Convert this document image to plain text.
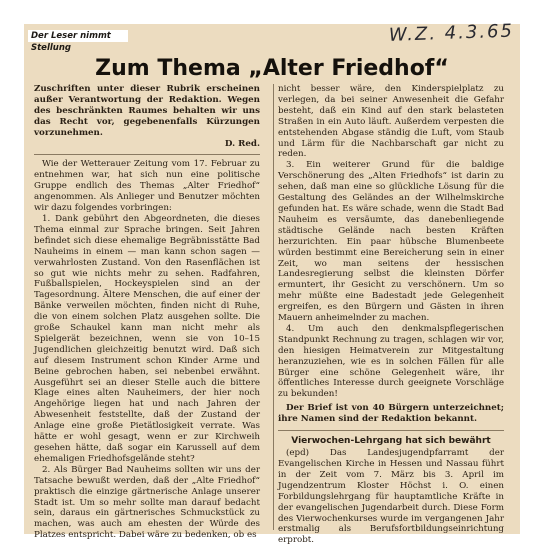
Der Leser nimmt Stellung
W.Z. 4.3.65
Zum Thema „Alter Friedhof“

Zuschriften unter dieser Rubrik erscheinen außer Verantwortung der Redaktion. Wegen des beschränkten Raumes behalten wir uns das Recht vor, gegebenenfalls Kürzungen vorzunehmen.
D. Red.

Wie der Wetterauer Zeitung vom 17. Februar zu entnehmen war, hat sich nun eine politische Gruppe endlich des Themas „Alter Friedhof“ angenommen. Als Anlieger und Benutzer möchten wir dazu folgendes vorbringen:

1. Dank gebührt den Abgeordneten, die dieses Thema einmal zur Sprache bringen. Seit Jahren befindet sich diese ehemalige Begräbnisstätte Bad Nauheims in einem — man kann schon sagen — verwahrlosten Zustand. Von den Rasenflächen ist so gut wie nichts mehr zu sehen. Radfahren, Fußballspielen, Hockeyspielen sind an der Tagesordnung. Ältere Menschen, die auf einer der Bänke verweilen möchten, finden nicht di Ruhe, die von einem solchen Platz ausgehen sollte. Die große Schaukel kann man nicht mehr als Spielgerät bezeichnen, wenn sie von 10–15 Jugendlichen gleichzeitig benutzt wird. Daß sich auf diesem Instrument schon Kinder Arme und Beine gebrochen haben, sei nebenbei erwähnt. Ausgeführt sei an dieser Stelle auch die bittere Klage eines alten Nauheimers, der hier noch Angehörige liegen hat und nach Jahren der Abwesenheit feststellte, daß der Zustand der Anlage eine große Pietätlosigkeit verrate. Was hätte er wohl gesagt, wenn er zur Kirchweih gesehen hätte, daß sogar ein Karussell auf dem ehemaligen Friedhofsgelände steht?

2. Als Bürger Bad Nauheims sollten wir uns der Tatsache bewußt werden, daß der „Alte Friedhof“ praktisch die einzige gärtnerische Anlage unserer Stadt ist. Um so mehr sollte man darauf bedacht sein, daraus ein gärtnerisches Schmuckstück zu machen, was auch am ehesten der Würde des Platzes entspricht. Dabei wäre zu bedenken, ob es

nicht besser wäre, den Kinderspielplatz zu verlegen, da bei seiner Anwesenheit die Gefahr besteht, daß ein Kind auf den stark belasteten Straßen in ein Auto läuft. Außerdem verpesten die entstehenden Abgase ständig die Luft, vom Staub und Lärm für die Nachbarschaft gar nicht zu reden.

3. Ein weiterer Grund für die baldige Verschönerung des „Alten Friedhofs“ ist darin zu sehen, daß man eine so glückliche Lösung für die Gestaltung des Geländes an der Wilhelmskirche gefunden hat. Es wäre schade, wenn die Stadt Bad Nauheim es versäumte, das danebenliegende städtische Gelände nach besten Kräften herzurichten. Ein paar hübsche Blumenbeete würden bestimmt eine Bereicherung sein in einer Zeit, wo man seitens der hessischen Landesregierung selbst die kleinsten Dörfer ermuntert, ihr Gesicht zu verschönern. Um so mehr müßte eine Badestadt jede Gelegenheit ergreifen, es den Bürgern und Gästen in ihren Mauern anheimelnder zu machen.

4. Um auch den denkmalspflegerischen Standpunkt Rechnung zu tragen, schlagen wir vor, den hiesigen Heimatverein zur Mitgestaltung heranzuziehen, wie es in solchen Fällen für alle Bürger eine schöne Gelegenheit wäre, ihr öffentliches Interesse durch geeignete Vorschläge zu bekunden!

Der Brief ist von 40 Bürgern unterzeichnet; ihre Namen sind der Redaktion bekannt.

Vierwochen-Lehrgang hat sich bewährt

(epd) Das Landesjugendpfarramt der Evangelischen Kirche in Hessen und Nassau führt in der Zeit vom 7. März bis 3. April im Jugendzentrum Kloster Höchst i. O. einen Forbildungslehrgang für hauptamtliche Kräfte in der evangelischen Jugendarbeit durch. Diese Form des Vierwochenkurses wurde im vergangenen Jahr erstmalig als Berufsfortbildungseinrichtung erprobt.
